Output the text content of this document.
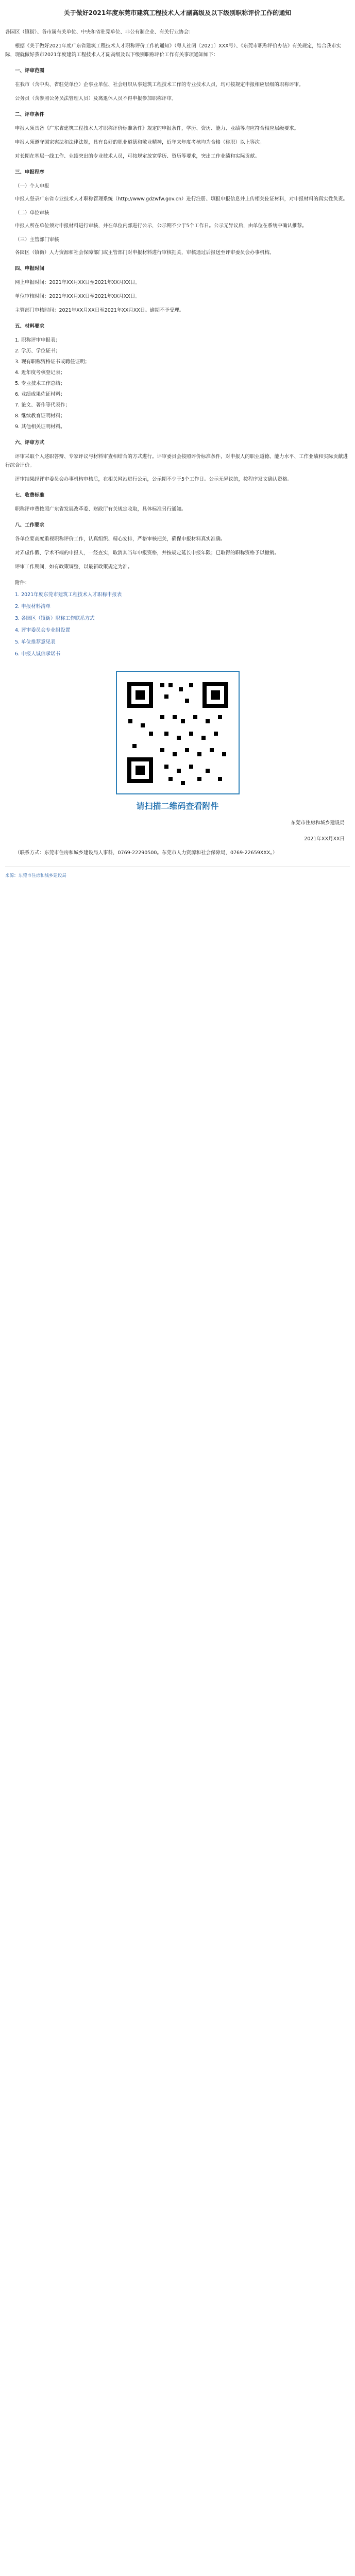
关于做好2021年度东莞市建筑工程技术人才副高级及以下级别职称评价工作的通知
各园区（镇街）、各市属有关单位、中央和省驻莞单位、非公有制企业、有关行业协会：
根据《关于做好2021年度广东省建筑工程技术人才职称评价工作的通知》（粤人社函〔2021〕XXX号）、《东莞市职称评价办法》有关规定，结合我市实际，现就做好我市2021年度建筑工程技术人才副高级及以下级别职称评价工作有关事项通知如下：
一、评审范围
在我市（含中央、省驻莞单位）企事业单位、社会组织从事建筑工程技术工作的专业技术人员，均可按规定申报相应层级的职称评审。
公务员（含参照公务员法管理人员）及离退休人员不得申报参加职称评审。
二、评审条件
申报人须具备《广东省建筑工程技术人才职称评价标准条件》规定的申报条件，学历、资历、能力、业绩等均应符合相应层级要求。
申报人须遵守国家宪法和法律法规，具有良好的职业道德和敬业精神，近年来年度考核均为合格（称职）以上等次。
对长期在基层一线工作、业绩突出的专业技术人员，可按规定放宽学历、资历等要求，突出工作业绩和实际贡献。
三、申报程序
（一）个人申报
申报人登录广东省专业技术人才职称管理系统（http://www.gdzwfw.gov.cn）进行注册、填报申报信息并上传相关佐证材料，对申报材料的真实性负责。
（二）单位审核
申报人所在单位须对申报材料进行审核，并在单位内部进行公示，公示期不少于5个工作日。公示无异议后，由单位在系统中确认推荐。
（三）主管部门审核
各园区（镇街）人力资源和社会保障部门或主管部门对申报材料进行审核把关，审核通过后报送至评审委员会办事机构。
四、申报时间
网上申报时间：2021年XX月XX日至2021年XX月XX日。
单位审核时间：2021年XX月XX日至2021年XX月XX日。
主管部门审核时间：2021年XX月XX日至2021年XX月XX日。逾期不予受理。
五、材料要求
1. 职称评审申报表；
2. 学历、学位证书；
3. 现有职称资格证书或聘任证明；
4. 近年度考核登记表；
5. 专业技术工作总结；
6. 业绩成果佐证材料；
7. 论文、著作等代表作；
8. 继续教育证明材料；
9. 其他相关证明材料。
六、评审方式
评审采取个人述职答辩、专家评议与材料审查相结合的方式进行。评审委员会按照评价标准条件，对申报人的职业道德、能力水平、工作业绩和实际贡献进行综合评价。
评审结果经评审委员会办事机构审核后，在相关网站进行公示，公示期不少于5个工作日。公示无异议的，按程序发文确认资格。
七、收费标准
职称评审费按照广东省发展改革委、财政厅有关规定收取，具体标准另行通知。
八、工作要求
各单位要高度重视职称评价工作，认真组织、精心安排，严格审核把关，确保申报材料真实准确。
对弄虚作假、学术不端的申报人，一经查实，取消其当年申报资格，并按规定延长申报年限；已取得的职称资格予以撤销。
评审工作期间，如有政策调整，以最新政策规定为准。
附件：
1. 2021年度东莞市建筑工程技术人才职称申报表
2. 申报材料清单
3. 各园区（镇街）职称工作联系方式
4. 评审委员会专业组设置
5. 单位推荐意见表
6. 申报人诚信承诺书
请扫描二维码查看附件
东莞市住房和城乡建设局
2021年XX月XX日
（联系方式：东莞市住房和城乡建设局人事科，0769-22290500。东莞市人力资源和社会保障局，0769-22659XXX。）
来源：东莞市住房和城乡建设局
